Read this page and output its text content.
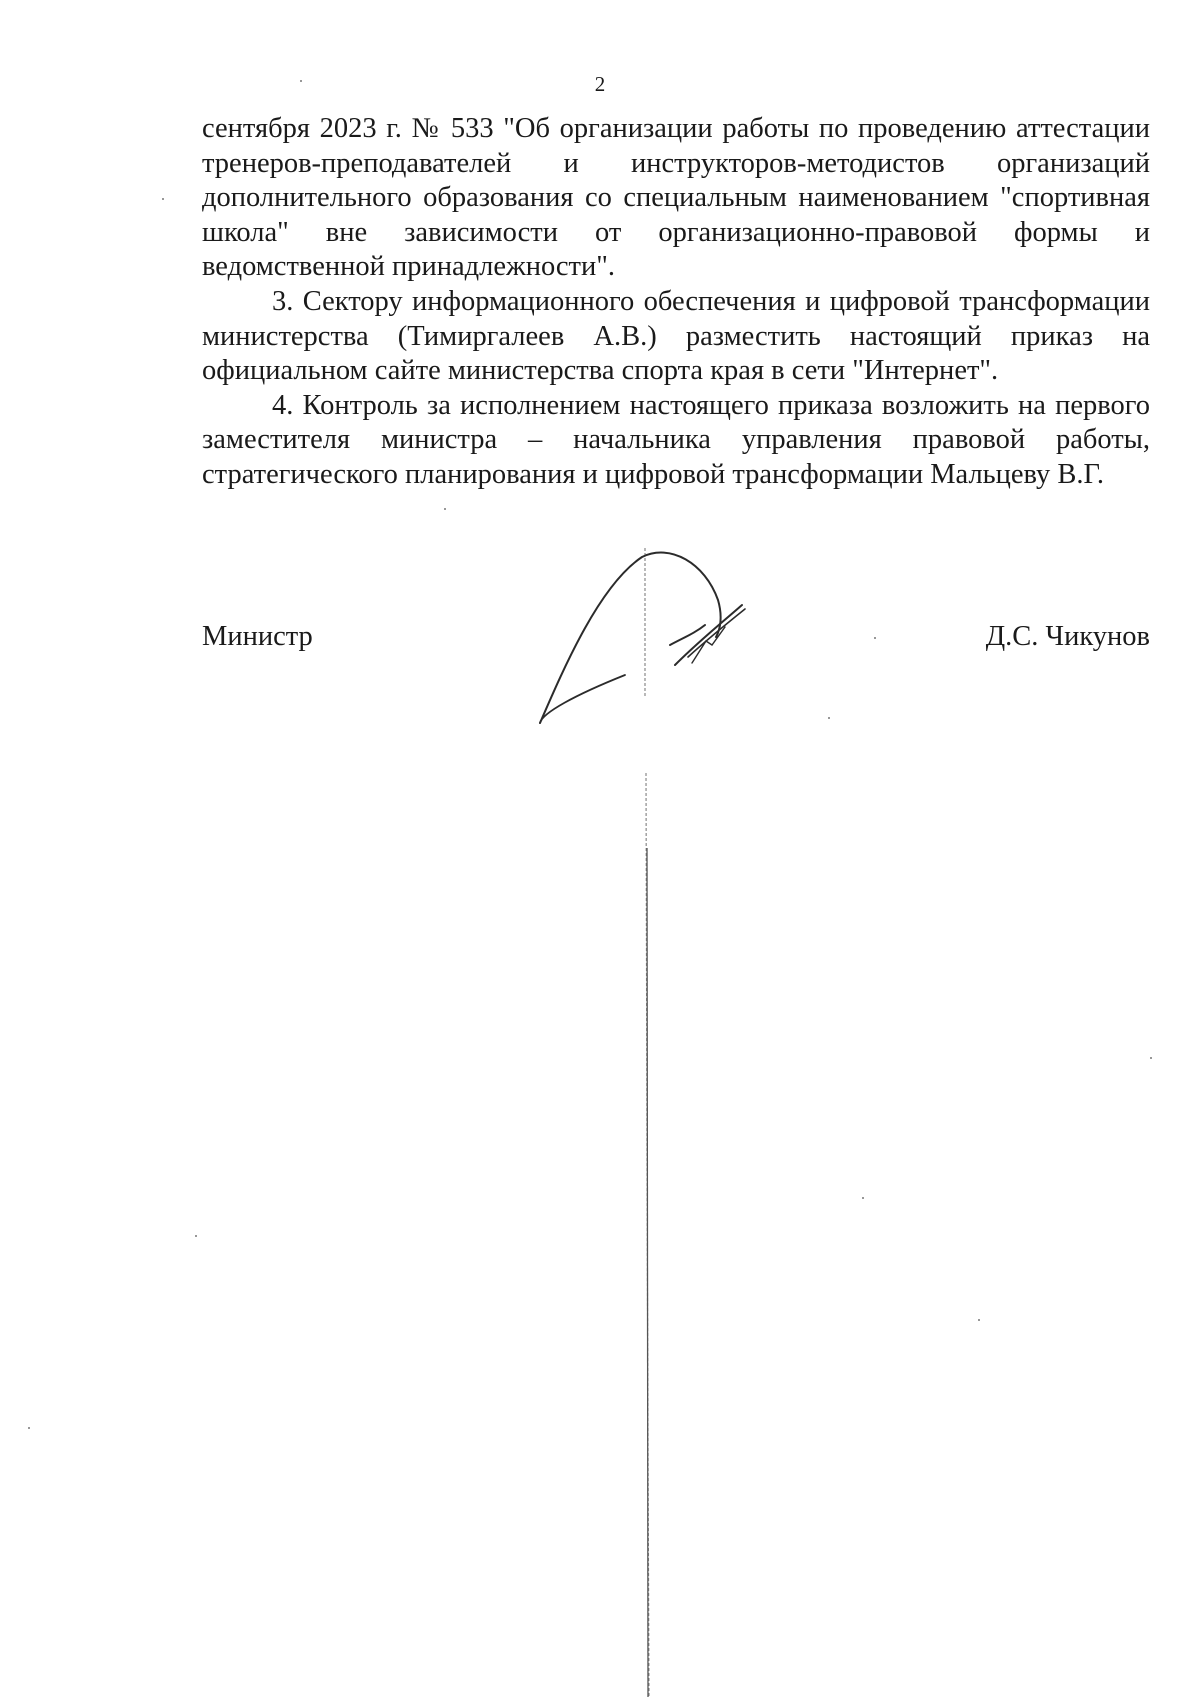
2

сентября 2023 г. № 533 "Об организации работы по проведению аттестации тренеров-преподавателей и инструкторов-методистов организаций дополнительного образования со специальным наименованием "спортивная школа" вне зависимости от организационно-правовой формы и ведомственной принадлежности".

3. Сектору информационного обеспечения и цифровой трансформации министерства (Тимиргалеев А.В.) разместить настоящий приказ на официальном сайте министерства спорта края в сети "Интернет".

4. Контроль за исполнением настоящего приказа возложить на первого заместителя министра – начальника управления правовой работы, стратегического планирования и цифровой трансформации Мальцеву В.Г.

Министр	Д.С. Чикунов
